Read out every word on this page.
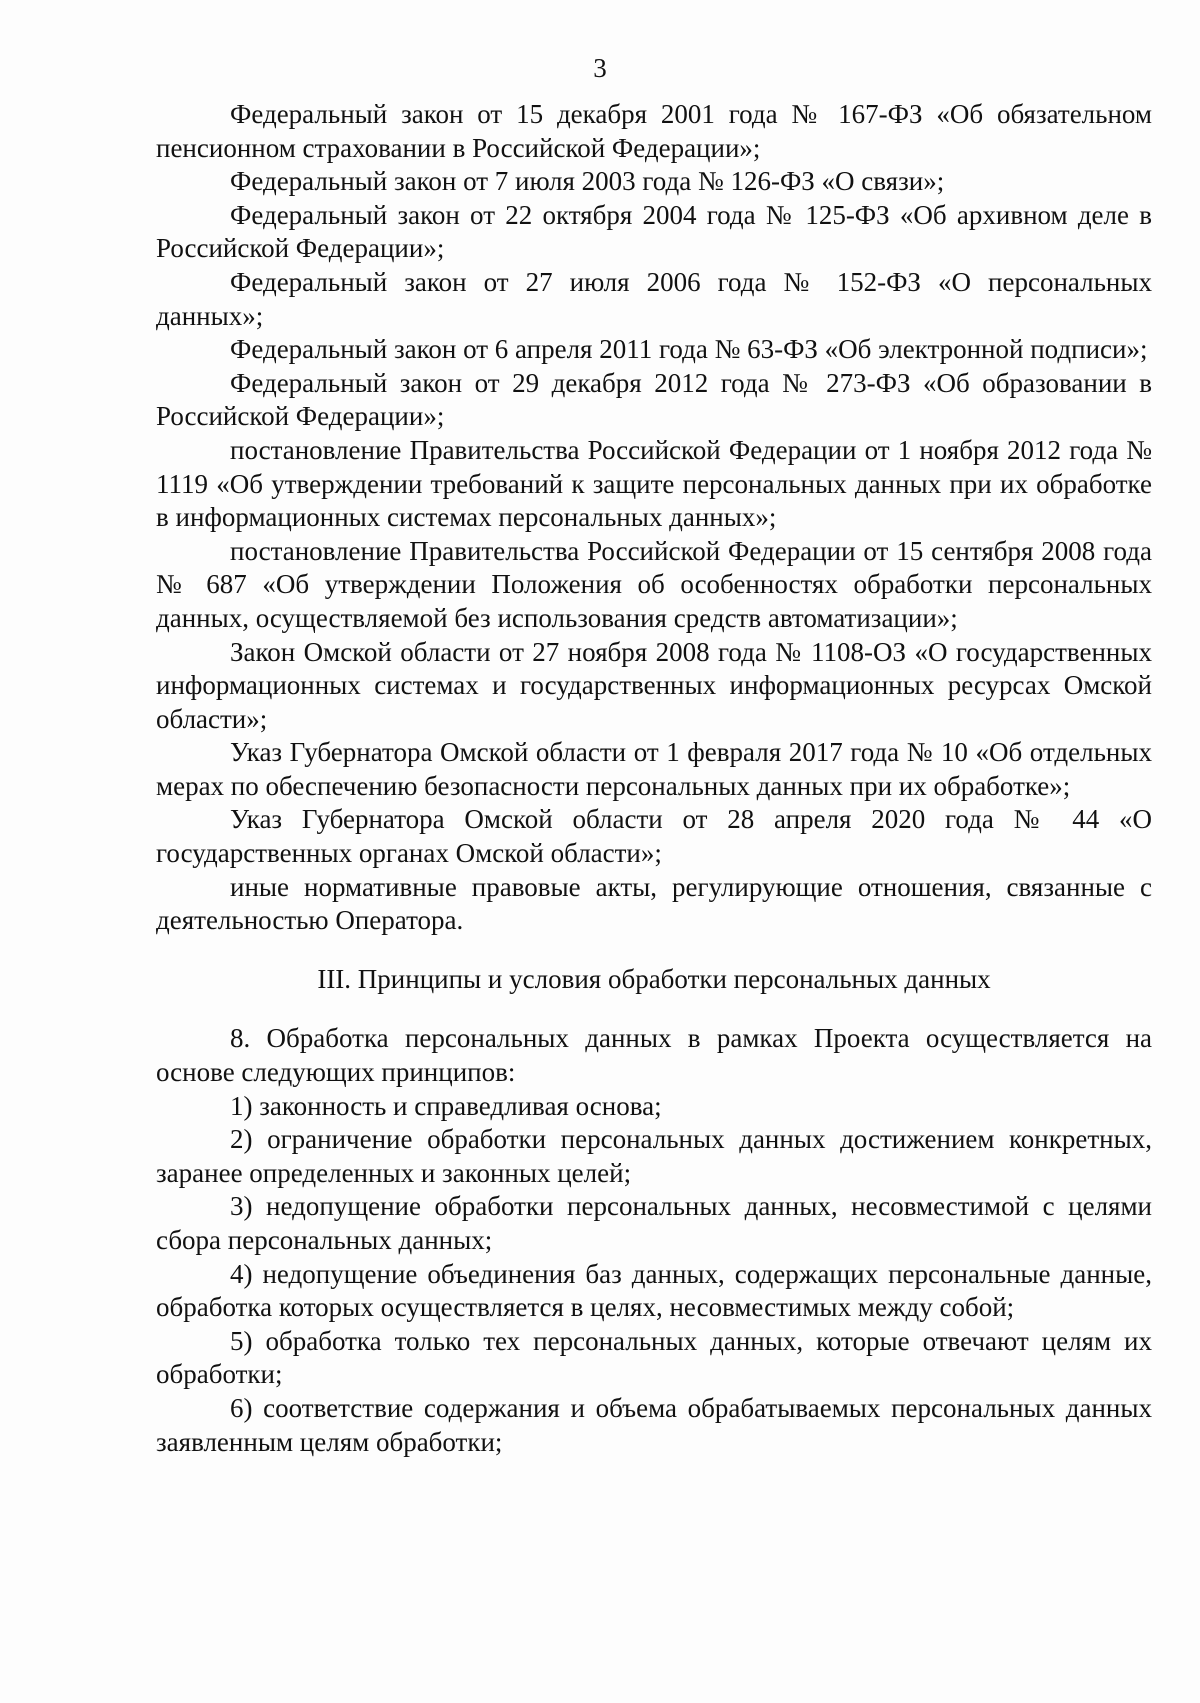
3

Федеральный закон от 15 декабря 2001 года № 167-ФЗ «Об обязательном пенсионном страховании в Российской Федерации»;

Федеральный закон от 7 июля 2003 года № 126-ФЗ «О связи»;

Федеральный закон от 22 октября 2004 года № 125-ФЗ «Об архивном деле в Российской Федерации»;

Федеральный закон от 27 июля 2006 года № 152-ФЗ «О персональных данных»;

Федеральный закон от 6 апреля 2011 года № 63-ФЗ «Об электронной подписи»;

Федеральный закон от 29 декабря 2012 года № 273-ФЗ «Об образовании в Российской Федерации»;

постановление Правительства Российской Федерации от 1 ноября 2012 года № 1119 «Об утверждении требований к защите персональных данных при их обработке в информационных системах персональных данных»;

постановление Правительства Российской Федерации от 15 сентября 2008 года № 687 «Об утверждении Положения об особенностях обработки персональных данных, осуществляемой без использования средств автоматизации»;

Закон Омской области от 27 ноября 2008 года № 1108-ОЗ «О государственных информационных системах и государственных информационных ресурсах Омской области»;

Указ Губернатора Омской области от 1 февраля 2017 года № 10 «Об отдельных мерах по обеспечению безопасности персональных данных при их обработке»;

Указ Губернатора Омской области от 28 апреля 2020 года № 44 «О государственных органах Омской области»;

иные нормативные правовые акты, регулирующие отношения, связанные с деятельностью Оператора.

III. Принципы и условия обработки персональных данных

8. Обработка персональных данных в рамках Проекта осуществляется на основе следующих принципов:

1) законность и справедливая основа;

2) ограничение обработки персональных данных достижением конкретных, заранее определенных и законных целей;

3) недопущение обработки персональных данных, несовместимой с целями сбора персональных данных;

4) недопущение объединения баз данных, содержащих персональные данные, обработка которых осуществляется в целях, несовместимых между собой;

5) обработка только тех персональных данных, которые отвечают целям их обработки;

6) соответствие содержания и объема обрабатываемых персональных данных заявленным целям обработки;
